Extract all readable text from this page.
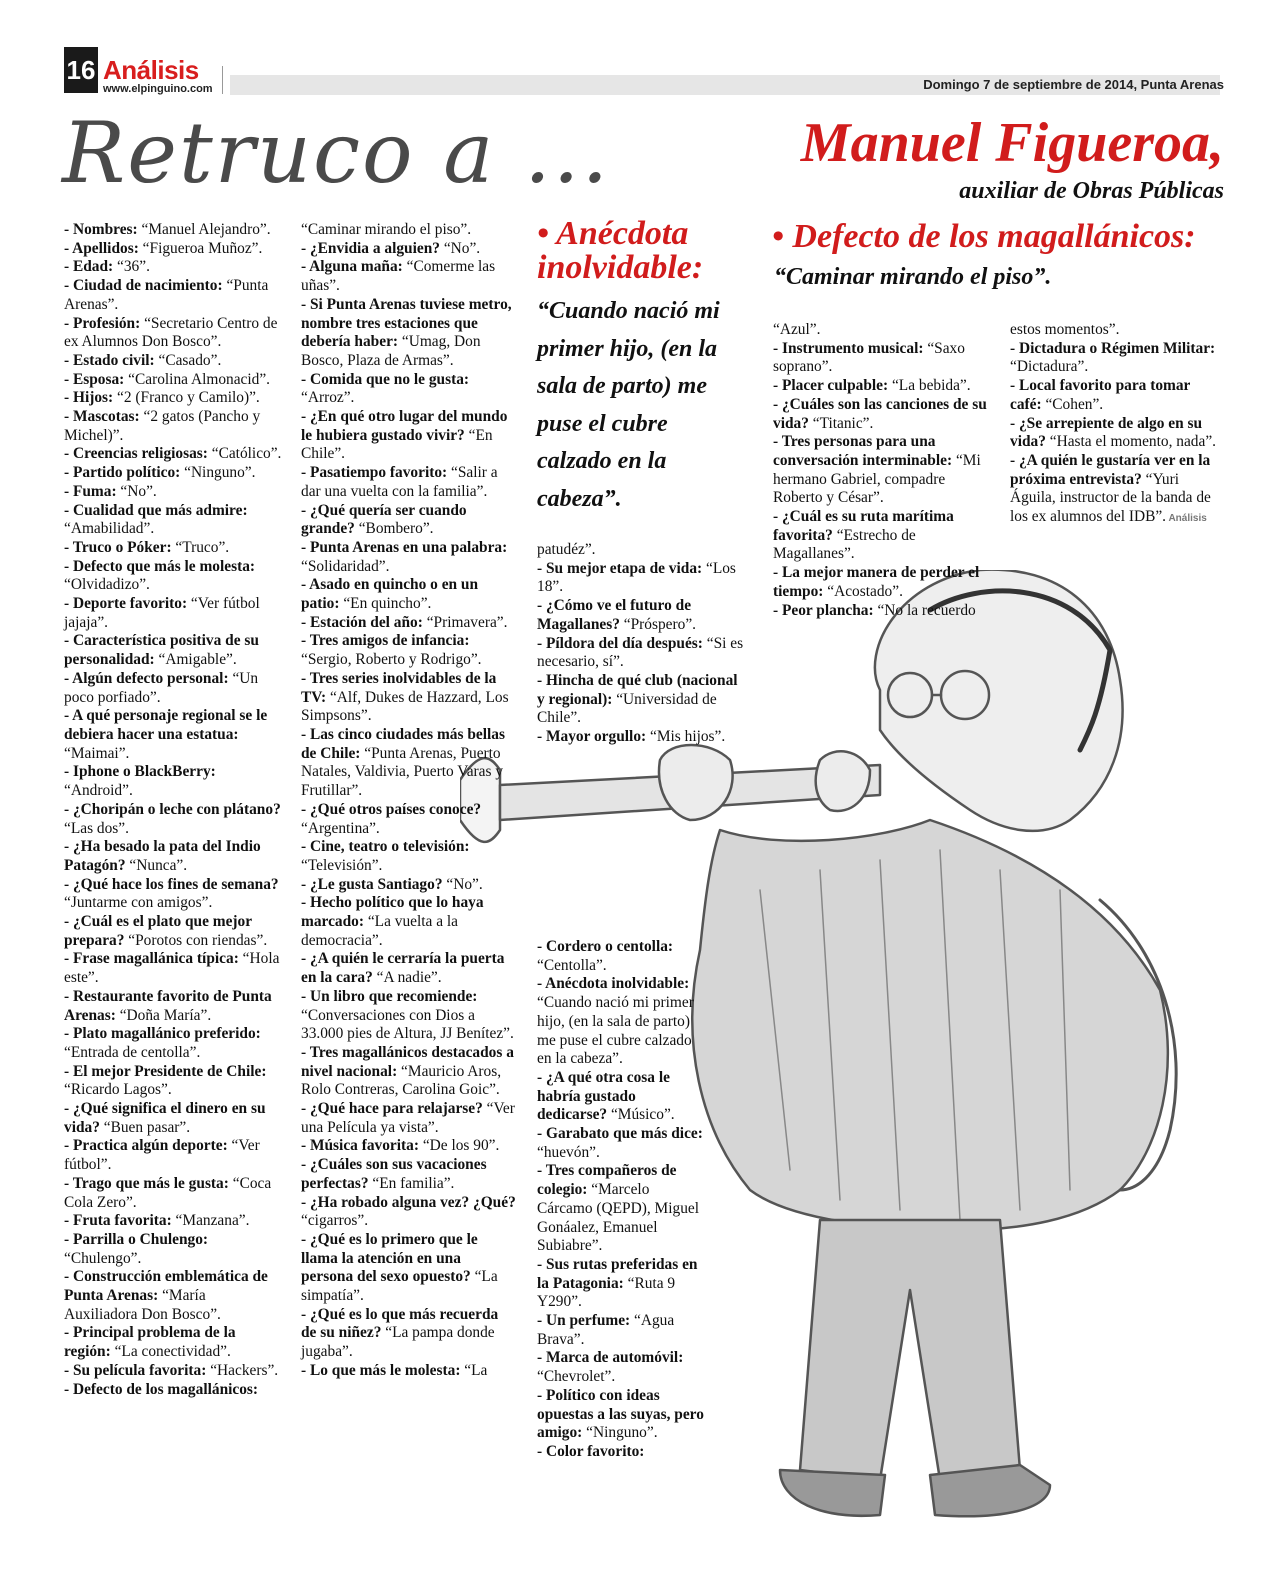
16 Análisis
www.elpinguino.com	Domingo 7 de septiembre de 2014, Punta Arenas
Retruco a ...	Manuel Figueroa,
auxiliar de Obras Públicas
• Anécdota inolvidable:
“Cuando nació mi primer hijo, (en la sala de parto) me puse el cubre calzado en la cabeza”.
• Defecto de los magallánicos:
“Caminar mirando el piso”.

- Nombres: “Manuel Alejandro”.

- Apellidos: “Figueroa Muñoz”.

- Edad: “36”.

- Ciudad de nacimiento: “Punta Arenas”.

- Profesión: “Secretario Centro de ex Alumnos Don Bosco”.

- Estado civil: “Casado”.

- Esposa: “Carolina Almonacid”.

- Hijos: “2 (Franco y Camilo)”.

- Mascotas: “2 gatos (Pancho y Michel)”.

- Creencias religiosas: “Católico”.

- Partido político: “Ninguno”.

- Fuma: “No”.

- Cualidad que más admire: “Amabilidad”.

- Truco o Póker: “Truco”.

- Defecto que más le molesta: “Olvidadizo”.

- Deporte favorito: “Ver fútbol jajaja”.

- Característica positiva de su personalidad: “Amigable”.

- Algún defecto personal: “Un poco porfiado”.

- A qué personaje regional se le debiera hacer una estatua: “Maimai”.

- Iphone o BlackBerry: “Android”.

- ¿Choripán o leche con plátano? “Las dos”.

- ¿Ha besado la pata del Indio Patagón? “Nunca”.

- ¿Qué hace los fines de semana? “Juntarme con amigos”.

- ¿Cuál es el plato que mejor prepara? “Porotos con riendas”.

- Frase magallánica típica: “Hola este”.

- Restaurante favorito de Punta Arenas: “Doña María”.

- Plato magallánico preferido: “Entrada de centolla”.

- El mejor Presidente de Chile: “Ricardo Lagos”.

- ¿Qué significa el dinero en su vida? “Buen pasar”.

- Practica algún deporte: “Ver fútbol”.

- Trago que más le gusta: “Coca Cola Zero”.

- Fruta favorita: “Manzana”.

- Parrilla o Chulengo: “Chulengo”.

- Construcción emblemática de Punta Arenas: “María Auxiliadora Don Bosco”.

- Principal problema de la región: “La conectividad”.

- Su película favorita: “Hackers”.

- Defecto de los magallánicos:

“Caminar mirando el piso”.

- ¿Envidia a alguien? “No”.

- Alguna maña: “Comerme las uñas”.

- Si Punta Arenas tuviese metro, nombre tres estaciones que debería haber: “Umag, Don Bosco, Plaza de Armas”.

- Comida que no le gusta: “Arroz”.

- ¿En qué otro lugar del mundo le hubiera gustado vivir? “En Chile”.

- Pasatiempo favorito: “Salir a dar una vuelta con la familia”.

- ¿Qué quería ser cuando grande? “Bombero”.

- Punta Arenas en una palabra: “Solidaridad”.

- Asado en quincho o en un patio: “En quincho”.

- Estación del año: “Primavera”.

- Tres amigos de infancia: “Sergio, Roberto y Rodrigo”.

- Tres series inolvidables de la TV: “Alf, Dukes de Hazzard, Los Simpsons”.

- Las cinco ciudades más bellas de Chile: “Punta Arenas, Puerto Natales, Valdivia, Puerto Varas y Frutillar”.

- ¿Qué otros países conoce? “Argentina”.

- Cine, teatro o televisión: “Televisión”.

- ¿Le gusta Santiago? “No”.

- Hecho político que lo haya marcado: “La vuelta a la democracia”.

- ¿A quién le cerraría la puerta en la cara? “A nadie”.

- Un libro que recomiende: “Conversaciones con Dios a 33.000 pies de Altura, JJ Benítez”.

- Tres magallánicos destacados a nivel nacional: “Mauricio Aros, Rolo Contreras, Carolina Goic”.

- ¿Qué hace para relajarse? “Ver una Película ya vista”.

- Música favorita: “De los 90”.

- ¿Cuáles son sus vacaciones perfectas? “En familia”.

- ¿Ha robado alguna vez? ¿Qué? “cigarros”.

- ¿Qué es lo primero que le llama la atención en una persona del sexo opuesto? “La simpatía”.

- ¿Qué es lo que más recuerda de su niñez? “La pampa donde jugaba”.

- Lo que más le molesta: “La

patudéz”.

- Su mejor etapa de vida: “Los 18”.

- ¿Cómo ve el futuro de Magallanes? “Próspero”.

- Píldora del día después: “Si es necesario, sí”.

- Hincha de qué club (nacional y regional): “Universidad de Chile”.

- Mayor orgullo: “Mis hijos”.

- Cordero o centolla: “Centolla”.

- Anécdota inolvidable: “Cuando nació mi primer hijo, (en la sala de parto) me puse el cubre calzado en la cabeza”.

- ¿A qué otra cosa le habría gustado dedicarse? “Músico”.

- Garabato que más dice: “huevón”.

- Tres compañeros de colegio: “Marcelo Cárcamo (QEPD), Miguel Gonáalez, Emanuel Subiabre”.

- Sus rutas preferidas en la Patagonia: “Ruta 9 Y290”.

- Un perfume: “Agua Brava”.

- Marca de automóvil: “Chevrolet”.

- Político con ideas opuestas a las suyas, pero amigo: “Ninguno”.

- Color favorito:

“Azul”.

- Instrumento musical: “Saxo soprano”.

- Placer culpable: “La bebida”.

- ¿Cuáles son las canciones de su vida? “Titanic”.

- Tres personas para una conversación interminable: “Mi hermano Gabriel, compadre Roberto y César”.

- ¿Cuál es su ruta marítima favorita? “Estrecho de Magallanes”.

- La mejor manera de perder el tiempo: “Acostado”.

- Peor plancha: “No la recuerdo

estos momentos”.

- Dictadura o Régimen Militar: “Dictadura”.

- Local favorito para tomar café: “Cohen”.

- ¿Se arrepiente de algo en su vida? “Hasta el momento, nada”.

- ¿A quién le gustaría ver en la próxima entrevista? “Yuri Águila, instructor de la banda de los ex alumnos del IDB”. Análisis
